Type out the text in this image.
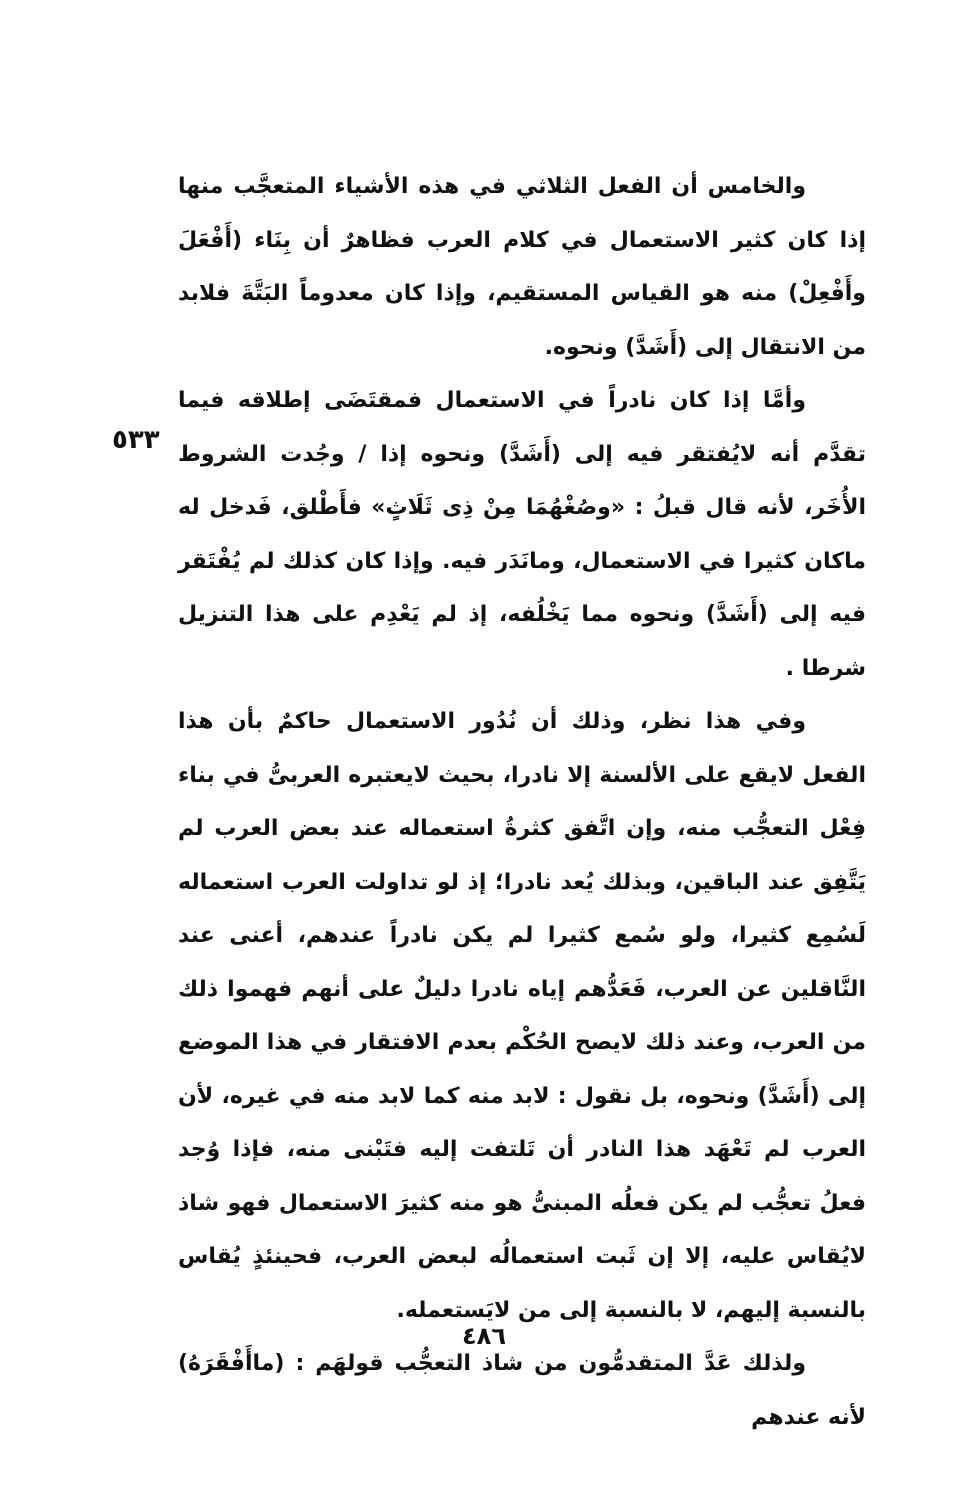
٥٣٣

والخامس أن الفعل الثلاثي في هذه الأشياء المتعجَّب منها إذا كان كثير الاستعمال في كلام العرب فظاهرٌ أن بِنَاء (أَفْعَلَ وأَفْعِلْ) منه هو القياس المستقيم، وإذا كان معدوماً البَتَّةَ فلابد من الانتقال إلى (أَشَدَّ) ونحوه.

وأمَّا إذا كان نادراً في الاستعمال فمقتَضَى إطلاقه فيما تقدَّم أنه لايُفتقر فيه إلى (أَشَدَّ) ونحوه إذا / وجُدت الشروط الأُخَر، لأنه قال قبلُ : «وصُغْهُمَا مِنْ ذِى ثَلَاثٍ» فأَطْلق، فَدخل له ماكان كثيرا في الاستعمال، ومانَدَر فيه. وإذا كان كذلك لم يُفْتَقر فيه إلى (أَشَدَّ) ونحوه مما يَخْلُفه، إذ لم يَعْدِم على هذا التنزيل شرطا .

وفي هذا نظر، وذلك أن نُدُور الاستعمال حاكمٌ بأن هذا الفعل لايقع على الألسنة إلا نادرا، بحيث لايعتبره العربىُّ في بناء فِعْل التعجُّب منه، وإن اتَّفق كثرةُ استعماله عند بعض العرب لم يَتَّفِق عند الباقين، وبذلك يُعد نادرا؛ إذ لو تداولت العرب استعماله لَسُمِع كثيرا، ولو سُمع كثيرا لم يكن نادراً عندهم، أعنى عند النَّاقلين عن العرب، فَعَدُّهم إياه نادرا دليلٌ على أنهم فهموا ذلك من العرب، وعند ذلك لايصح الحُكْم بعدم الافتقار في هذا الموضع إلى (أَشَدَّ) ونحوه، بل نقول : لابد منه كما لابد منه في غيره، لأن العرب لم تَعْهَد هذا النادر أن تَلتفت إليه فتَبْنى منه، فإذا وُجد فعلُ تعجُّب لم يكن فعلُه المبنىُّ هو منه كثيرَ الاستعمال فهو شاذ لايُقاس عليه، إلا إن ثَبت استعمالُه لبعض العرب، فحينئذٍ يُقاس بالنسبة إليهم، لا بالنسبة إلى من لايَستعمله.

ولذلك عَدَّ المتقدمُّون من شاذ التعجُّب قولهَم : (ماأَفْقَرَهُ) لأنه عندهم

٤٨٦
